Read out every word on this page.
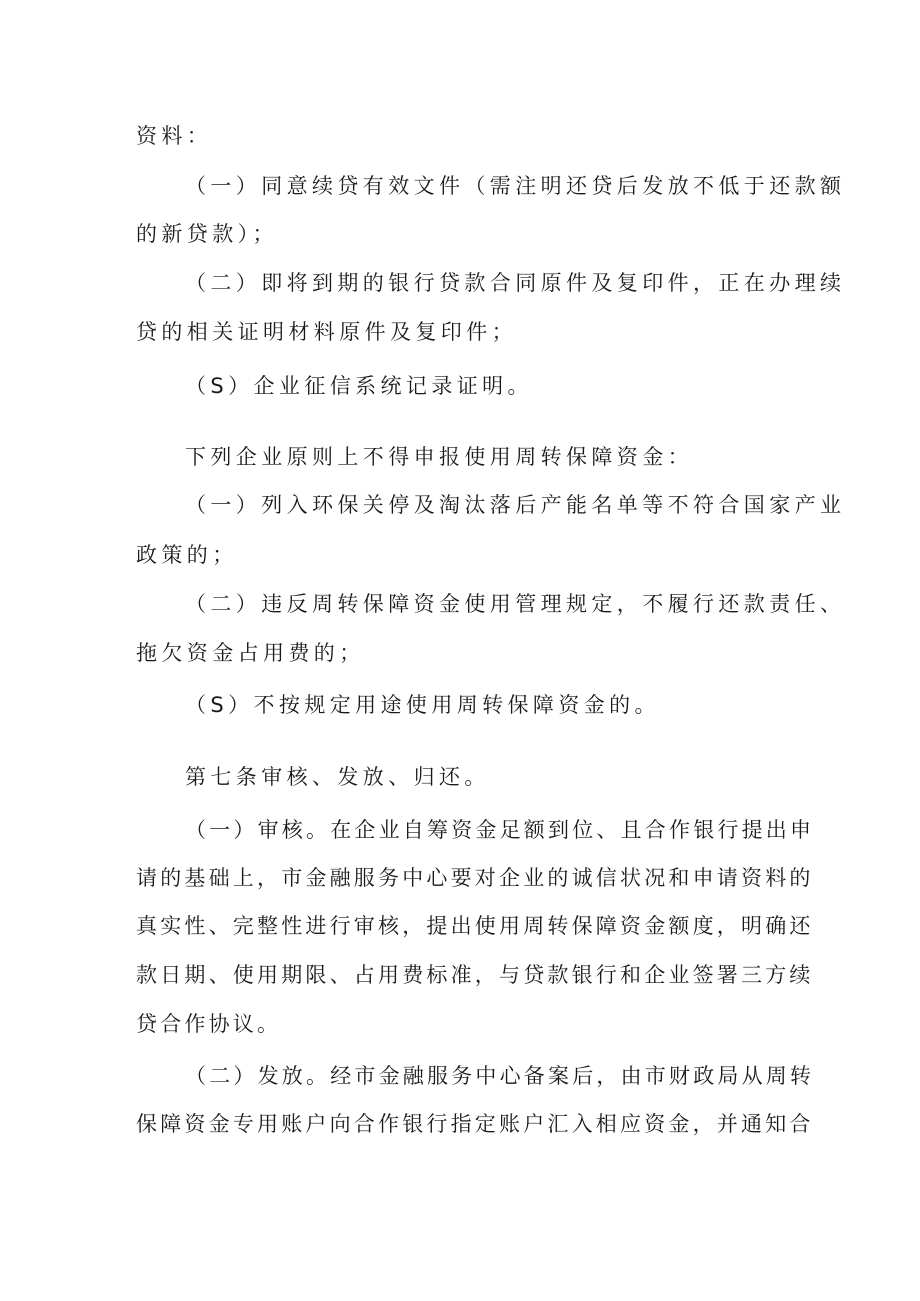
资料：
（一）同意续贷有效文件（需注明还贷后发放不低于还款额
的新贷款）；
（二）即将到期的银行贷款合同原件及复印件，正在办理续
贷的相关证明材料原件及复印件；
（S）企业征信系统记录证明。
下列企业原则上不得申报使用周转保障资金：
（一）列入环保关停及淘汰落后产能名单等不符合国家产业
政策的；
（二）违反周转保障资金使用管理规定，不履行还款责任、
拖欠资金占用费的；
（S）不按规定用途使用周转保障资金的。
第七条审核、发放、归还。
（一）审核。在企业自筹资金足额到位、且合作银行提出申
请的基础上，市金融服务中心要对企业的诚信状况和申请资料的
真实性、完整性进行审核，提出使用周转保障资金额度，明确还
款日期、使用期限、占用费标准，与贷款银行和企业签署三方续
贷合作协议。
（二）发放。经市金融服务中心备案后，由市财政局从周转
保障资金专用账户向合作银行指定账户汇入相应资金，并通知合
